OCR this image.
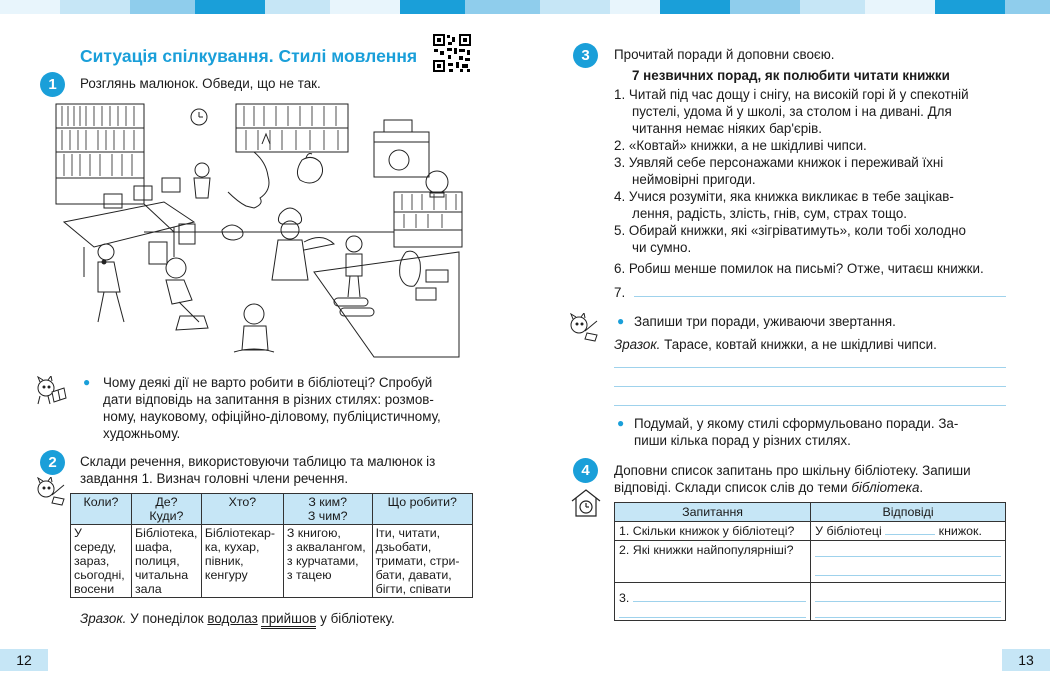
Ситуація спілкування. Стилі мовлення
1	Розглянь малюнок. Обведи, що не так.
● Чому деякі дії не варто робити в бібліотеці? Спробуй
дати відповідь на запитання в різних стилях: розмов-
ному, науковому, офіційно-діловому, публіцистичному,
художньому.
2	Склади речення, використовуючи таблицю та малюнок із
завдання 1. Визнач головні члени речення.
Коли?	Де?
Куди?	Хто?	З ким?
З чим?	Що робити?
У
середу,
зараз,
сьогодні,
восени	Бібліотека,
шафа,
полиця,
читальна
зала	Бібліотекар-
ка, кухар,
півник,
кенгуру	З книгою,
з аквалангом,
з курчатами,
з тацею	Іти, читати,
дзьобати,
тримати, стри-
бати, давати,
бігти, співати
Зразок. У понеділок водолаз прийшов у бібліотеку.
12
3	Прочитай поради й доповни своєю.
7 незвичних порад, як полюбити читати книжки
1. Читай під час дощу і снігу, на високій горі й у спекотній
пустелі, удома й у школі, за столом і на дивані. Для
читання немає ніяких бар'єрів.
2. «Ковтай» книжки, а не шкідливі чипси.
3. Уявляй себе персонажами книжок і переживай їхні
неймовірні пригоди.
4. Учися розуміти, яка книжка викликає в тебе зацікав-
лення, радість, злість, гнів, сум, страх тощо.
5. Обирай книжки, які «зігріватимуть», коли тобі холодно
чи сумно.
6. Робиш менше помилок на письмі? Отже, читаєш книжки.
7.
● Запиши три поради, уживаючи звертання.
Зразок. Тарасе, ковтай книжки, а не шкідливі чипси.
● Подумай, у якому стилі сформульовано поради. За-
пиши кілька порад у різних стилях.
4	Доповни список запитань про шкільну бібліотеку. Запиши
відповіді. Склади список слів до теми бібліотека.
Запитання	Відповіді
1. Скільки книжок у бібліотеці?	У бібліотеці книжок.
2. Які книжки найпопулярніші?	

3.	

13
